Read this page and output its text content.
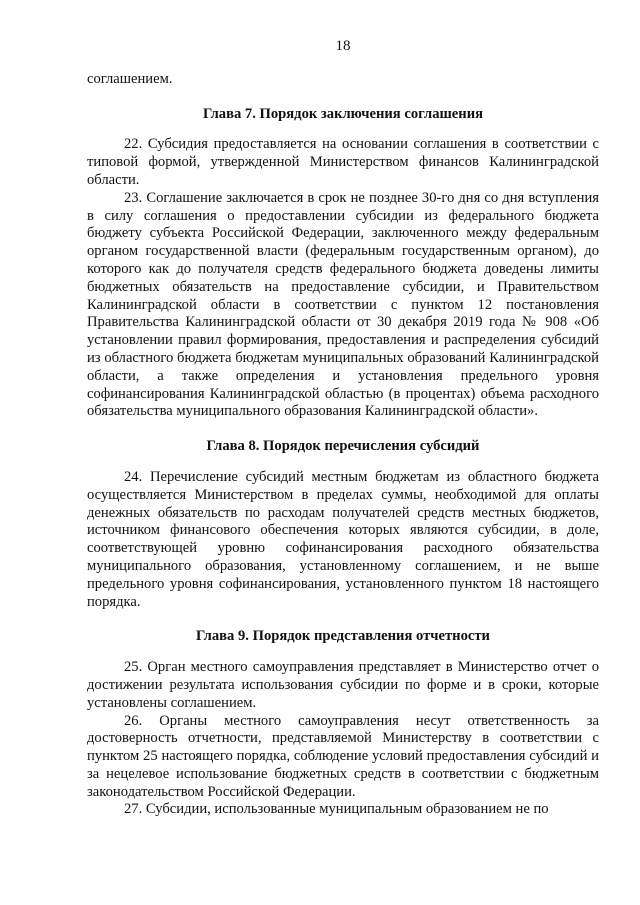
18

соглашением.

Глава 7. Порядок заключения соглашения

22. Субсидия предоставляется на основании соглашения в соответствии с типовой формой, утвержденной Министерством финансов Калининградской области.

23. Соглашение заключается в срок не позднее 30-го дня со дня вступления в силу соглашения о предоставлении субсидии из федерального бюджета бюджету субъекта Российской Федерации, заключенного между федеральным органом государственной власти (федеральным государственным органом), до которого как до получателя средств федерального бюджета доведены лимиты бюджетных обязательств на предоставление субсидии, и Правительством Калининградской области в соответствии с пунктом 12 постановления Правительства Калининградской области от 30 декабря 2019 года № 908 «Об установлении правил формирования, предоставления и распределения субсидий из областного бюджета бюджетам муниципальных образований Калининградской области, а также определения и установления предельного уровня софинансирования Калининградской областью (в процентах) объема расходного обязательства муниципального образования Калининградской области».

Глава 8. Порядок перечисления субсидий

24. Перечисление субсидий местным бюджетам из областного бюджета осуществляется Министерством в пределах суммы, необходимой для оплаты денежных обязательств по расходам получателей средств местных бюджетов, источником финансового обеспечения которых являются субсидии, в доле, соответствующей уровню софинансирования расходного обязательства муниципального образования, установленному соглашением, и не выше предельного уровня софинансирования, установленного пунктом 18 настоящего порядка.

Глава 9. Порядок представления отчетности

25. Орган местного самоуправления представляет в Министерство отчет о достижении результата использования субсидии по форме и в сроки, которые установлены соглашением.

26. Органы местного самоуправления несут ответственность за достоверность отчетности, представляемой Министерству в соответствии с пунктом 25 настоящего порядка, соблюдение условий предоставления субсидий и за нецелевое использование бюджетных средств в соответствии с бюджетным законодательством Российской Федерации.

27. Субсидии, использованные муниципальным образованием не по
